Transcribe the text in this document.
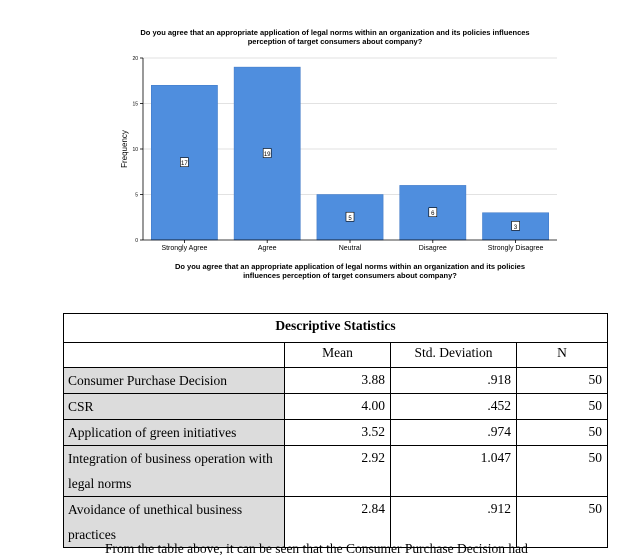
Do you agree that an appropriate application of legal norms within an organization and its policies influences
perception of target consumers about company?
0
5
10
15
20
17
19
5
6
3
Strongly Agree	Agree	Neutral	Disagree	Strongly Disagree
Frequency
Do you agree that an appropriate application of legal norms within an organization and its policies
influences perception of target consumers about company?
Descriptive Statistics			
	Mean	Std. Deviation	N
Consumer Purchase Decision	3.88	.918	50
CSR	4.00	.452	50
Application of green initiatives	3.52	.974	50
Integration of business operation with legal norms	2.92	1.047	50
Avoidance of unethical business practices	2.84	.912	50
From the table above, it can be seen that the Consumer Purchase Decision had
